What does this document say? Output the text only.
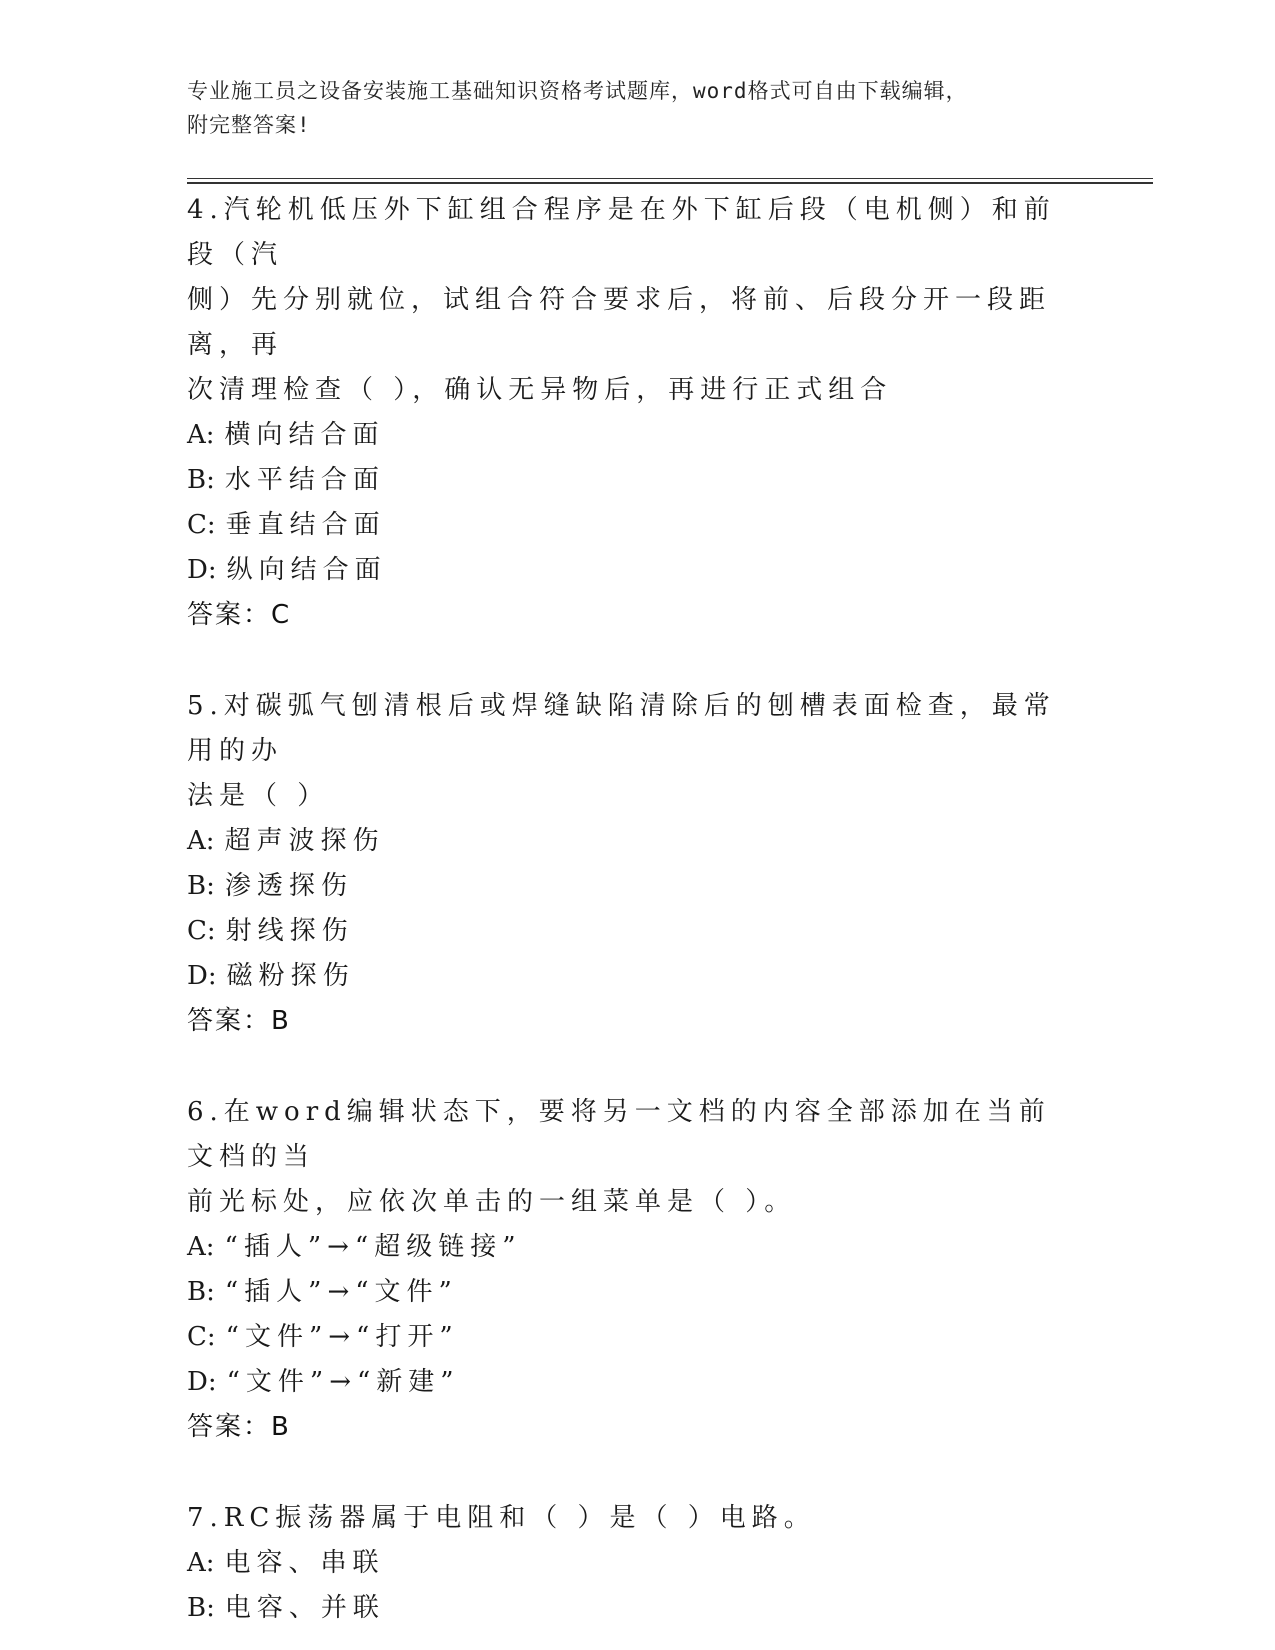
专业施工员之设备安装施工基础知识资格考试题库，word格式可自由下载编辑，
附完整答案!

4.汽轮机低压外下缸组合程序是在外下缸后段（电机侧）和前段（汽

侧）先分别就位，试组合符合要求后，将前、后段分开一段距离，再

次清理检查（ ），确认无异物后，再进行正式组合

A: 横向结合面

B: 水平结合面

C: 垂直结合面

D: 纵向结合面

答案：C

5.对碳弧气刨清根后或焊缝缺陷清除后的刨槽表面检查，最常用的办

法是（ ）

A: 超声波探伤

B: 渗透探伤

C: 射线探伤

D: 磁粉探伤

答案：B

6.在word编辑状态下，要将另一文档的内容全部添加在当前文档的当

前光标处，应依次单击的一组菜单是（ ）。

A: “插人”→“超级链接”

B: “插人”→“文件”

C: “文件”→“打开”

D: “文件”→“新建”

答案：B

7.RC振荡器属于电阻和（ ）是（ ）电路。

A: 电容、串联

B: 电容、并联
